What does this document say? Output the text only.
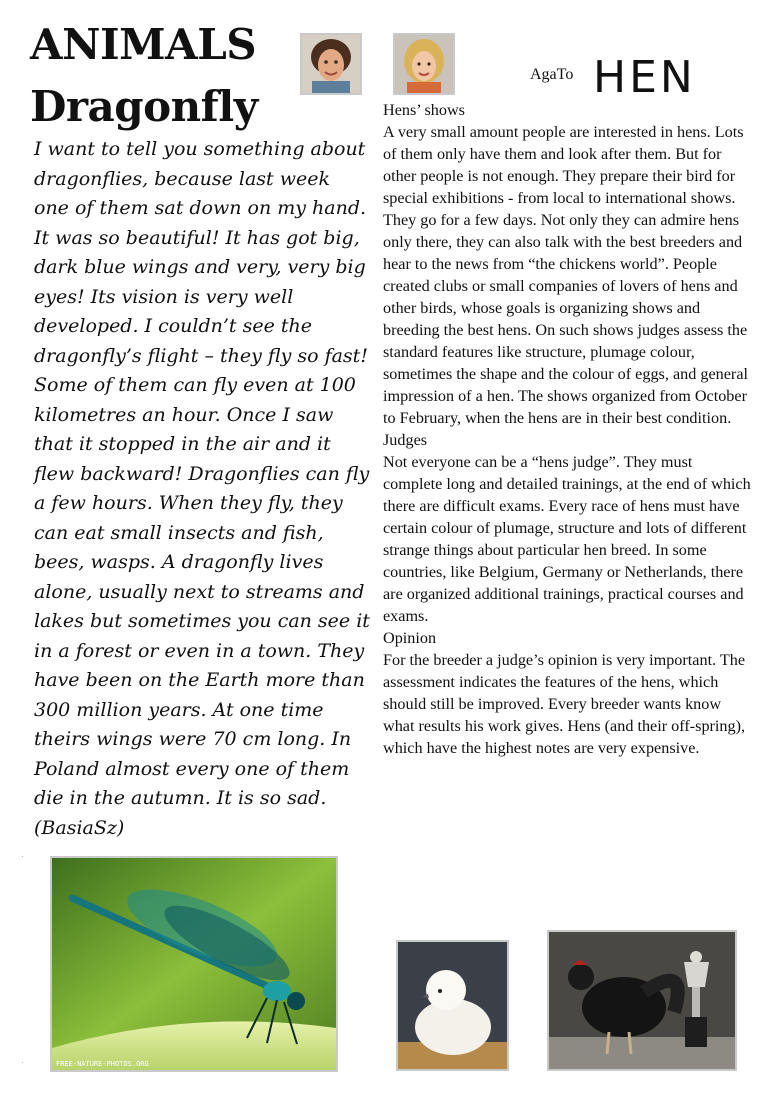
ANIMALS
Dragonfly
I want to tell you something about dragonflies, because last week one of them sat down on my hand. It was so beautiful! It has got big, dark blue wings and very, very big eyes! Its vision is very well developed. I couldn’t see the dragonfly’s flight – they fly so fast! Some of them can fly even at 100 kilometres an hour. Once I saw that it stopped in the air and it flew backward! Dragonflies can fly a few hours. When they fly, they can eat small insects and fish, bees, wasps. A dragonfly lives alone, usually next to streams and lakes but sometimes you can see it in a forest or even in a town. They have been on the Earth more than 300 million years. At one time theirs wings were 70 cm long. In Poland almost every one of them die in the autumn. It is so sad. (BasiaSz)
FREE-NATURE-PHOTOS.ORG
AgaTo HEN

Hens’ shows

A very small amount people are interested in hens. Lots of them only have them and look after them. But for other people is not enough. They prepare their bird for special exhibitions - from local to international shows. They go for a few days. Not only they can admire hens only there, they can also talk with the best breeders and hear to the news from “the chickens world”. People created clubs or small companies of lovers of hens and other birds, whose goals is organizing shows and breeding the best hens. On such shows judges assess the standard features like structure, plumage colour, sometimes the shape and the colour of eggs, and general impression of a hen. The shows organized from October to February, when the hens are in their best condition.

Judges

Not everyone can be a “hens judge”. They must complete long and detailed trainings, at the end of which there are difficult exams. Every race of hens must have certain colour of plumage, structure and lots of different strange things about particular hen breed. In some countries, like Belgium, Germany or Netherlands, there are organized additional trainings, practical courses and exams.

Opinion

For the breeder a judge’s opinion is very important. The assessment indicates the features of the hens, which should still be improved. Every breeder wants know what results his work gives. Hens (and their off-spring), which have the highest notes are very expensive.
